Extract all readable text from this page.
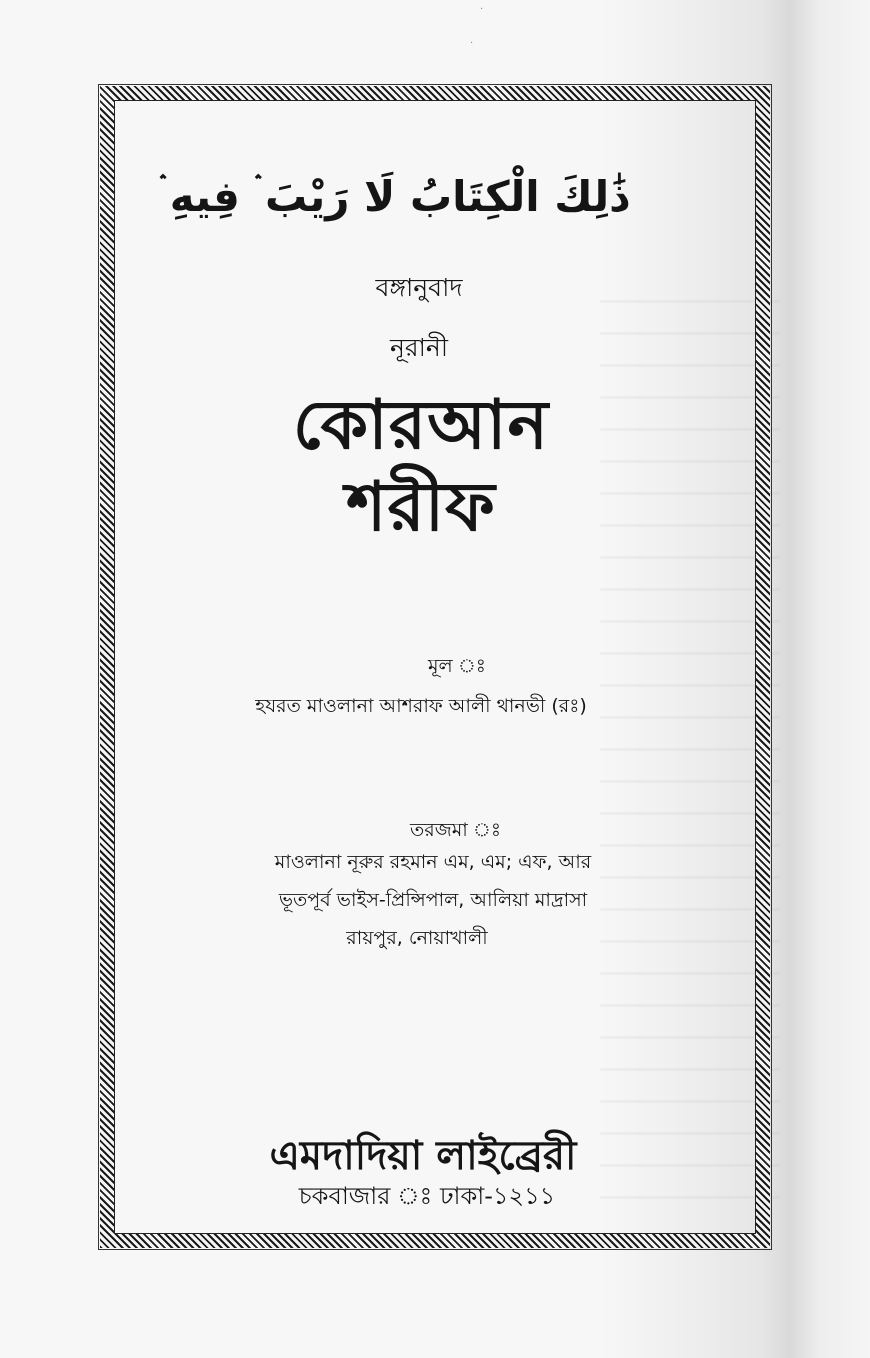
·
·
ذَٰلِكَ الْكِتَابُ لَا رَيْبَ ۛ فِيهِ ۛ
বঙ্গানুবাদ
নূরানী
কোরআন
শরীফ
মূল ঃ
হযরত মাওলানা আশরাফ আলী থানভী (রঃ)
তরজমা ঃ
মাওলানা নূরুর রহমান এম, এম; এফ, আর
ভূতপূর্ব ভাইস-প্রিন্সিপাল, আলিয়া মাদ্রাসা
রায়পুর, নোয়াখালী
এমদাদিয়া লাইব্রেরী
চকবাজার ঃ ঢাকা-১২১১
